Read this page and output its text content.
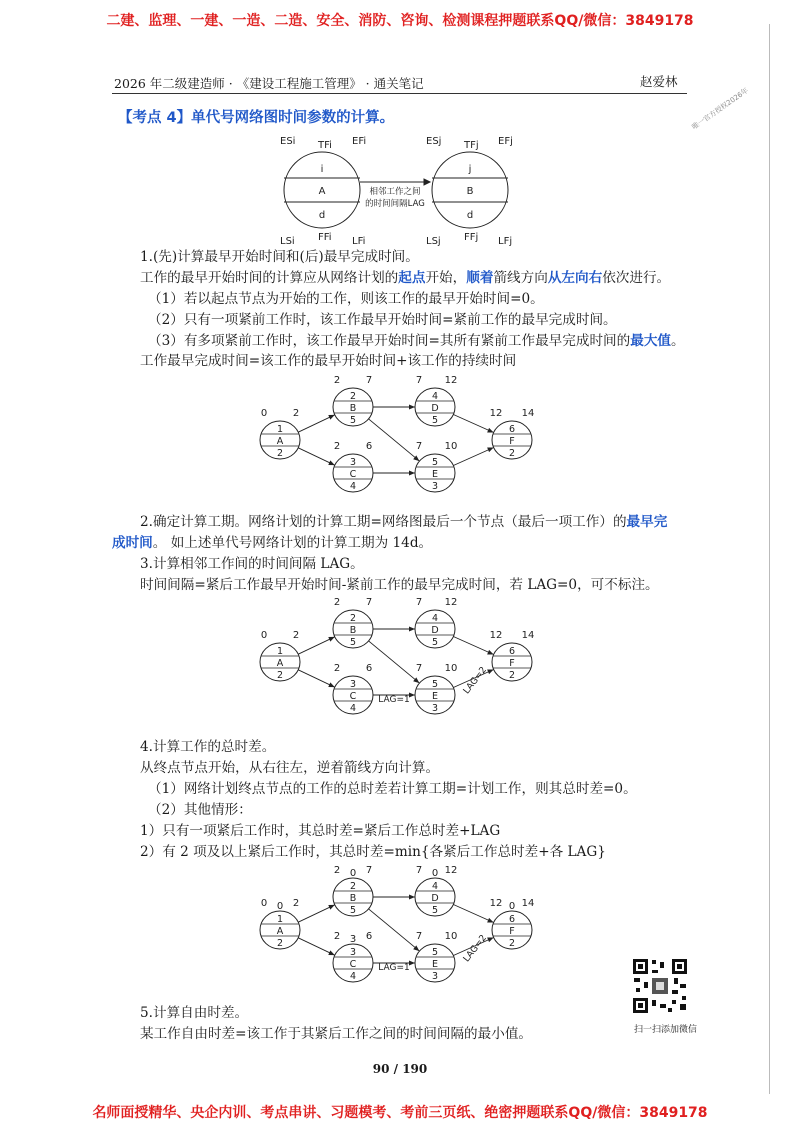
二建、监理、一建、一造、二造、安全、消防、咨询、检测课程押题联系QQ/微信：3849178
名师面授精华、央企内训、考点串讲、习题模考、考前三页纸、绝密押题联系QQ/微信：3849178
2026 年二级建造师 · 《建设工程施工管理》 · 通关笔记	赵爱林
唯一官方授权2026年
【考点 4】单代号网络图时间参数的计算。
ESi TFi EFi
LSi FFi LFi
ESj TFj EFj
LSj FFj LFj
i
A
d
j
B
d
相邻工作之间
的时间间隔LAG
1.(先)计算最早开始时间和(后)最早完成时间。
工作的最早开始时间的计算应从网络计划的起点开始，顺着箭线方向从左向右依次进行。
（1）若以起点节点为开始的工作，则该工作的最早开始时间=0。
（2）只有一项紧前工作时，该工作最早开始时间=紧前工作的最早完成时间。
（3）有多项紧前工作时，该工作最早开始时间=其所有紧前工作最早完成时间的最大值。
工作最早完成时间=该工作的最早开始时间+该工作的持续时间
1
A
2
0	2
2
B
5
2	7
3
C
4
2	6
4
D
5
7 12
5
E
3
7 10
6
F
2
12 14
2.确定计算工期。网络计划的计算工期=网络图最后一个节点（最后一项工作）的最早完
成时间。 如上述单代号网络计划的计算工期为 14d。
3.计算相邻工作间的时间间隔 LAG。
时间间隔=紧后工作最早开始时间-紧前工作的最早完成时间，若 LAG=0，可不标注。
1
A
2
0	2
2
B
5
2	7
3
C
4
2	6
4
D
5
7 12
5
E
3
7 10
6
F
2
12 14
LAG=1
LAG=2
4.计算工作的总时差。
从终点节点开始，从右往左，逆着箭线方向计算。
（1）网络计划终点节点的工作的总时差若计算工期=计划工作，则其总时差=0。
（2）其他情形：
1）只有一项紧后工作时，其总时差=紧后工作总时差+LAG
2）有 2 项及以上紧后工作时，其总时差=min{各紧后工作总时差+各 LAG}
1
A
2
0	2
0
2
B
5
2	7
0
3
C
4
2	6
3
4
D
5
7 12
0
5
E
3
7 10
6
F
2
12 14
0
LAG=1
LAG=2
5.计算自由时差。
某工作自由时差=该工作于其紧后工作之间的时间间隔的最小值。	扫一扫添加微信
90 / 190
